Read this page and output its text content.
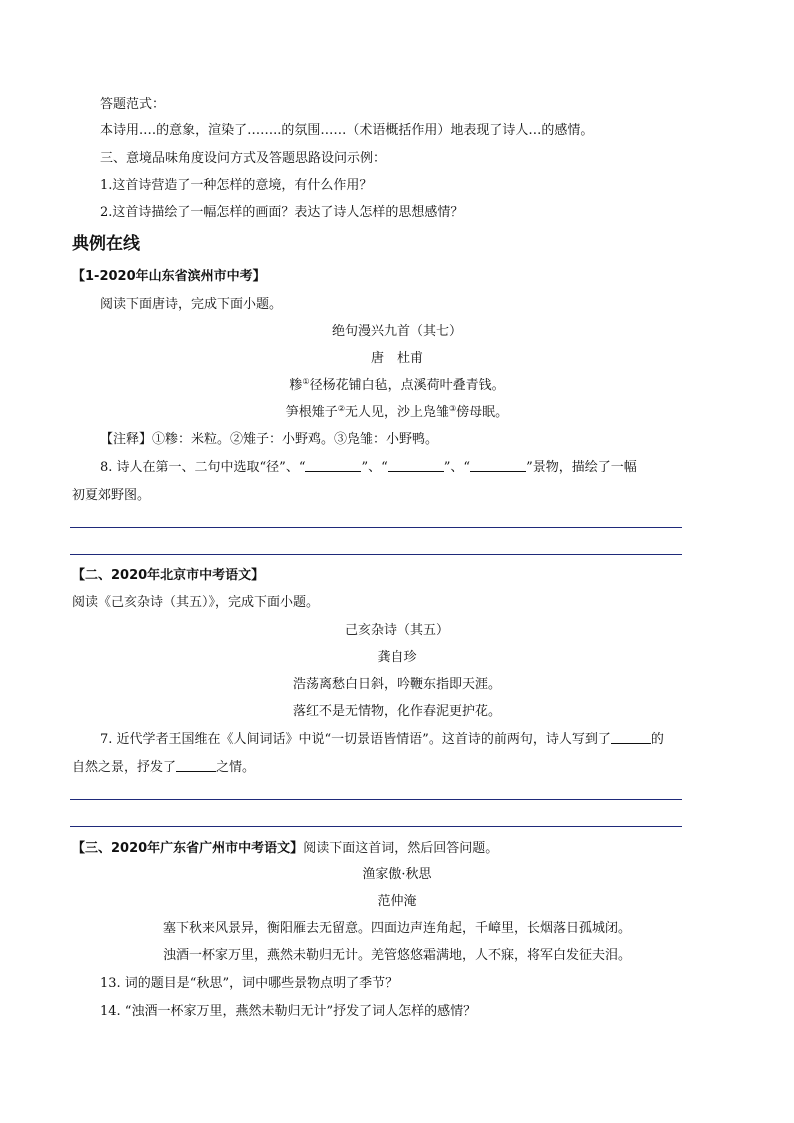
答题范式：
本诗用.…的意象，渲染了……..的氛围……（术语概括作用）地表现了诗人…的感情。
三、意境品味角度设问方式及答题思路设问示例：
1.这首诗营造了一种怎样的意境，有什么作用？
2.这首诗描绘了一幅怎样的画面？表达了诗人怎样的思想感情？
典例在线
【1-2020年山东省滨州市中考】
阅读下面唐诗，完成下面小题。
绝句漫兴九首（其七）
唐　杜甫
糁①径杨花铺白毡，点溪荷叶叠青钱。
笋根雉子②无人见，沙上凫雏③傍母眠。
【注释】①糁：米粒。②雉子：小野鸡。③凫雏：小野鸭。
8. 诗人在第一、二句中选取“径”、“	”、“	”、“	”景物，描绘了一幅
初夏郊野图。
【二、2020年北京市中考语文】
阅读《己亥杂诗（其五）》，完成下面小题。
己亥杂诗（其五）
龚自珍
浩荡离愁白日斜，吟鞭东指即天涯。
落红不是无情物，化作春泥更护花。
7. 近代学者王国维在《人间词话》中说“一切景语皆情语”。这首诗的前两句，诗人写到了	的
自然之景，抒发了	之情。
【三、2020年广东省广州市中考语文】阅读下面这首词，然后回答问题。
渔家傲·秋思
范仲淹
塞下秋来风景异，衡阳雁去无留意。四面边声连角起，千嶂里，长烟落日孤城闭。
浊酒一杯家万里，燕然未勒归无计。羌管悠悠霜满地，人不寐，将军白发征夫泪。
13. 词的题目是“秋思”，词中哪些景物点明了季节？
14. “浊酒一杯家万里，燕然未勒归无计”抒发了词人怎样的感情？
